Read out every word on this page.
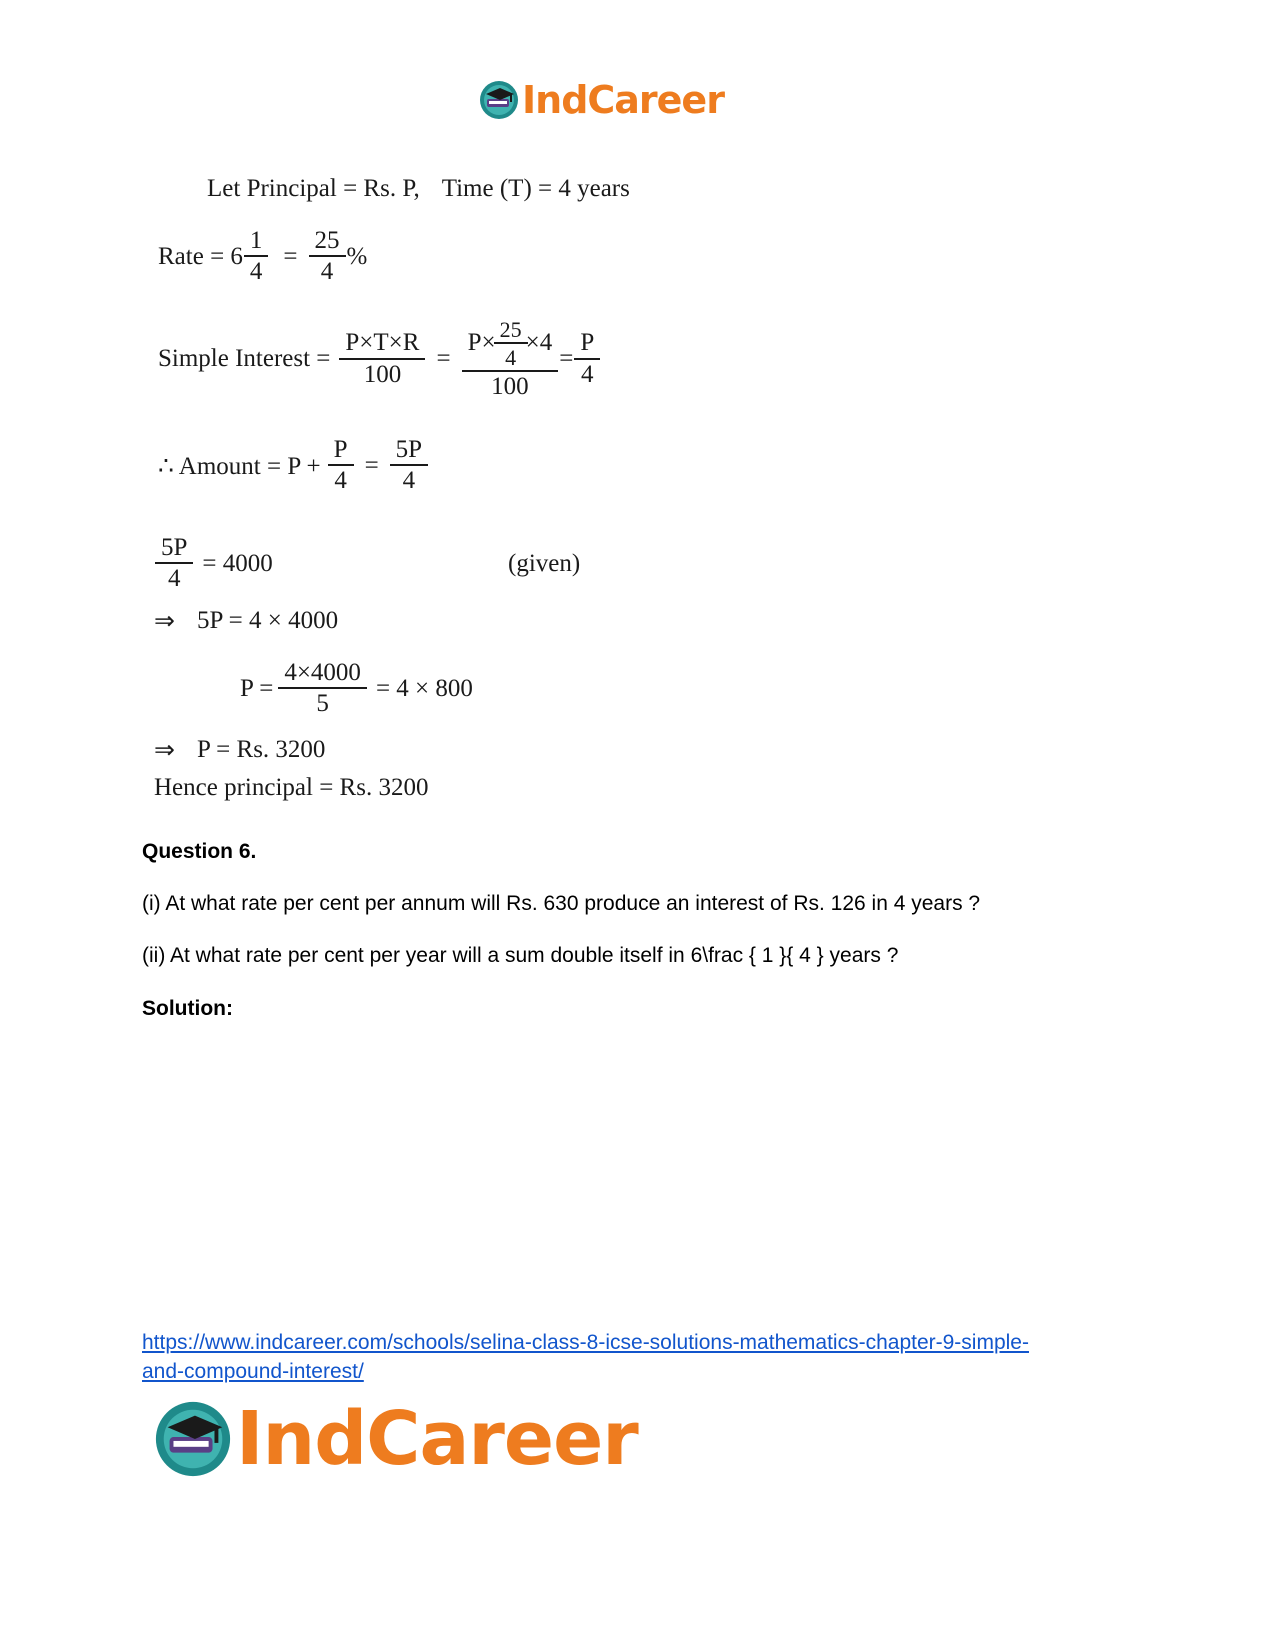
IndCareer
Let Principal = Rs. P, Time (T) = 4 years
Rate = $6 \frac{1}{4} = \frac{25}{4}$ %
Simple Interest = $\frac{P\times T\times R}{100} = \frac{P\times \frac{25}{4} \times 4}{100} = \frac{P}{4}$
∴ Amount = $P + \frac{P}{4} = \frac{5P}{4}$
$\frac{5P}{4} = 4000$	(given)
⇒ 5P = 4 × 4000
$P = \frac{4\times 4000}{5} = 4 \times 800$
⇒ P = Rs. 3200
Hence principal = Rs. 3200
Question 6.
(i) At what rate per cent per annum will Rs. 630 produce an interest of Rs. 126 in 4 years ?
(ii) At what rate per cent per year will a sum double itself in 6\frac { 1 }{ 4 } years ?
Solution:
https://www.indcareer.com/schools/selina-class-8-icse-solutions-mathematics-chapter-9-simple-
and-compound-interest/
IndCareer
